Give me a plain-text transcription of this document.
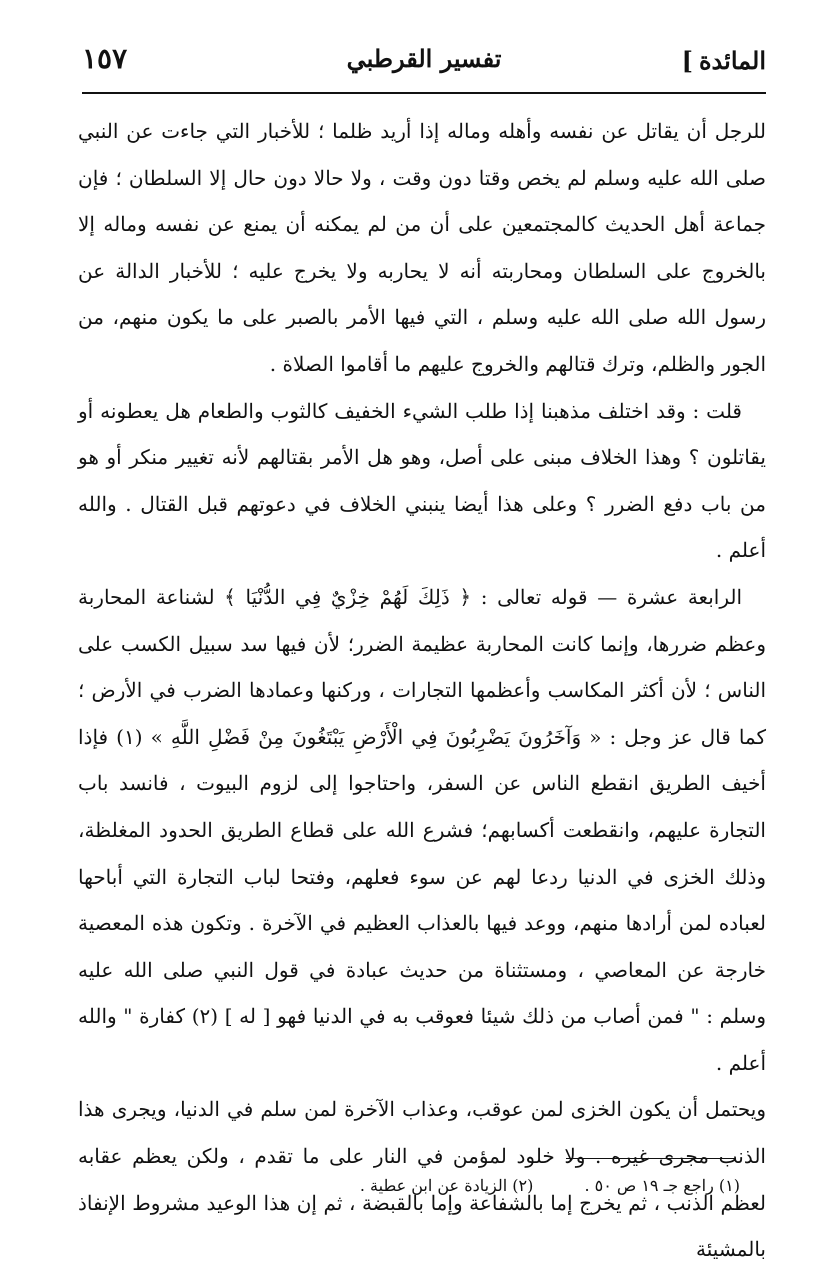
المائدة]
تفسير القرطبي
١٥٧

للرجل أن يقاتل عن نفسه وأهله وماله إذا أريد ظلما ؛ للأخبار التي جاءت عن النبي صلى الله عليه وسلم لم يخص وقتا دون وقت ، ولا حالا دون حال إلا السلطان ؛ فإن جماعة أهل الحديث كالمجتمعين على أن من لم يمكنه أن يمنع عن نفسه وماله إلا بالخروج على السلطان ومحاربته أنه لا يحاربه ولا يخرج عليه ؛ للأخبار الدالة عن رسول الله صلى الله عليه وسلم ، التي فيها الأمر بالصبر على ما يكون منهم، من الجور والظلم، وترك قتالهم والخروج عليهم ما أقاموا الصلاة .

قلت : وقد اختلف مذهبنا إذا طلب الشيء الخفيف كالثوب والطعام هل يعطونه أو يقاتلون ؟ وهذا الخلاف مبنى على أصل، وهو هل الأمر بقتالهم لأنه تغيير منكر أو هو من باب دفع الضرر ؟ وعلى هذا أيضا ينبني الخلاف في دعوتهم قبل القتال . والله أعلم .

الرابعة عشرة — قوله تعالى : ﴿ ذَلِكَ لَهُمْ خِزْيٌ فِي الدُّنْيَا ﴾ لشناعة المحاربة وعظم ضررها، وإنما كانت المحاربة عظيمة الضرر؛ لأن فيها سد سبيل الكسب على الناس ؛ لأن أكثر المكاسب وأعظمها التجارات ، وركنها وعمادها الضرب في الأرض ؛ كما قال عز وجل : « وَآخَرُونَ يَضْرِبُونَ فِي الْأَرْضِ يَبْتَغُونَ مِنْ فَضْلِ اللَّهِ » (١) فإذا أخيف الطريق انقطع الناس عن السفر، واحتاجوا إلى لزوم البيوت ، فانسد باب التجارة عليهم، وانقطعت أكسابهم؛ فشرع الله على قطاع الطريق الحدود المغلظة، وذلك الخزى في الدنيا ردعا لهم عن سوء فعلهم، وفتحا لباب التجارة التي أباحها لعباده لمن أرادها منهم، ووعد فيها بالعذاب العظيم في الآخرة . وتكون هذه المعصية خارجة عن المعاصي ، ومستثناة من حديث عبادة في قول النبي صلى الله عليه وسلم : " فمن أصاب من ذلك شيئا فعوقب به في الدنيا فهو [ له ] (٢) كفارة " والله أعلم .

ويحتمل أن يكون الخزى لمن عوقب، وعذاب الآخرة لمن سلم في الدنيا، ويجرى هذا الذنب مجرى غيره . ولا خلود لمؤمن في النار على ما تقدم ، ولكن يعظم عقابه لعظم الذنب ، ثم يخرج إما بالشفاعة وإما بالقبضة ، ثم إن هذا الوعيد مشروط الإنفاذ بالمشيئة

(١) راجع جـ ١٩ ص ٥٠ . (٢) الزيادة عن ابن عطية .
